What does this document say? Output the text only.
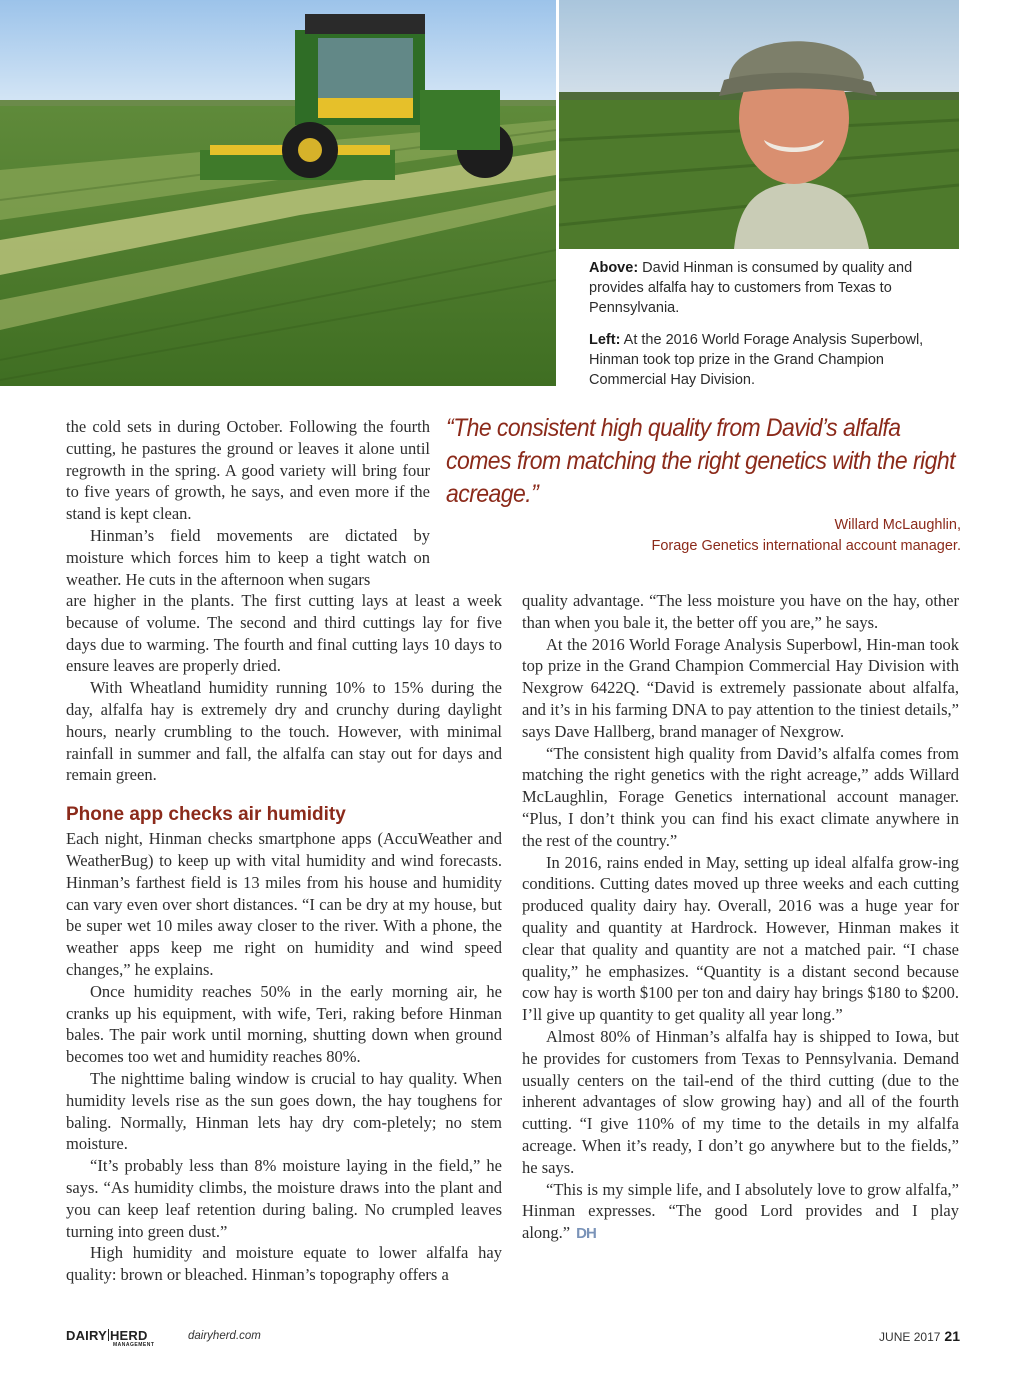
Above: David Hinman is consumed by quality and provides alfalfa hay to customers from Texas to Pennsylvania.

Left: At the 2016 World Forage Analysis Superbowl, Hinman took top prize in the Grand Champion Commercial Hay Division.

the cold sets in during October. Following the fourth cutting, he pastures the ground or leaves it alone until regrowth in the spring. A good variety will bring four to five years of growth, he says, and even more if the stand is kept clean.

Hinman’s field movements are dictated by moisture which forces him to keep a tight watch on weather. He cuts in the afternoon when sugars

“The consistent high quality from David’s alfalfa comes from matching the right genetics with the right acreage.”
Willard McLaughlin,
Forage Genetics international account manager.

are higher in the plants. The first cutting lays at least a week because of volume. The second and third cuttings lay for five days due to warming. The fourth and final cutting lays 10 days to ensure leaves are properly dried.

With Wheatland humidity running 10% to 15% during the day, alfalfa hay is extremely dry and crunchy during daylight hours, nearly crumbling to the touch. However, with minimal rainfall in summer and fall, the alfalfa can stay out for days and remain green.

Phone app checks air humidity

Each night, Hinman checks smartphone apps (AccuWeather and WeatherBug) to keep up with vital humidity and wind forecasts. Hinman’s farthest field is 13 miles from his house and humidity can vary even over short distances. “I can be dry at my house, but be super wet 10 miles away closer to the river. With a phone, the weather apps keep me right on humidity and wind speed changes,” he explains.

Once humidity reaches 50% in the early morning air, he cranks up his equipment, with wife, Teri, raking before Hinman bales. The pair work until morning, shutting down when ground becomes too wet and humidity reaches 80%.

The nighttime baling window is crucial to hay quality. When humidity levels rise as the sun goes down, the hay toughens for baling. Normally, Hinman lets hay dry com-pletely; no stem moisture.

“It’s probably less than 8% moisture laying in the field,” he says. “As humidity climbs, the moisture draws into the plant and you can keep leaf retention during baling. No crumpled leaves turning into green dust.”

High humidity and moisture equate to lower alfalfa hay quality: brown or bleached. Hinman’s topography offers a

quality advantage. “The less moisture you have on the hay, other than when you bale it, the better off you are,” he says.

At the 2016 World Forage Analysis Superbowl, Hin-man took top prize in the Grand Champion Commercial Hay Division with Nexgrow 6422Q. “David is extremely passionate about alfalfa, and it’s in his farming DNA to pay attention to the tiniest details,” says Dave Hallberg, brand manager of Nexgrow.

“The consistent high quality from David’s alfalfa comes from matching the right genetics with the right acreage,” adds Willard McLaughlin, Forage Genetics international account manager. “Plus, I don’t think you can find his exact climate anywhere in the rest of the country.”

In 2016, rains ended in May, setting up ideal alfalfa grow-ing conditions. Cutting dates moved up three weeks and each cutting produced quality dairy hay. Overall, 2016 was a huge year for quality and quantity at Hardrock. However, Hinman makes it clear that quality and quantity are not a matched pair. “I chase quality,” he emphasizes. “Quantity is a distant second because cow hay is worth $100 per ton and dairy hay brings $180 to $200. I’ll give up quantity to get quality all year long.”

Almost 80% of Hinman’s alfalfa hay is shipped to Iowa, but he provides for customers from Texas to Pennsylvania. Demand usually centers on the tail-end of the third cutting (due to the inherent advantages of slow growing hay) and all of the fourth cutting. “I give 110% of my time to the details in my alfalfa acreage. When it’s ready, I don’t go anywhere but to the fields,” he says.

“This is my simple life, and I absolutely love to grow alfalfa,” Hinman expresses. “The good Lord provides and I play along.” DH

DAIRY HERD
MANAGEMENT
dairyherd.com	JUNE 2017 21
